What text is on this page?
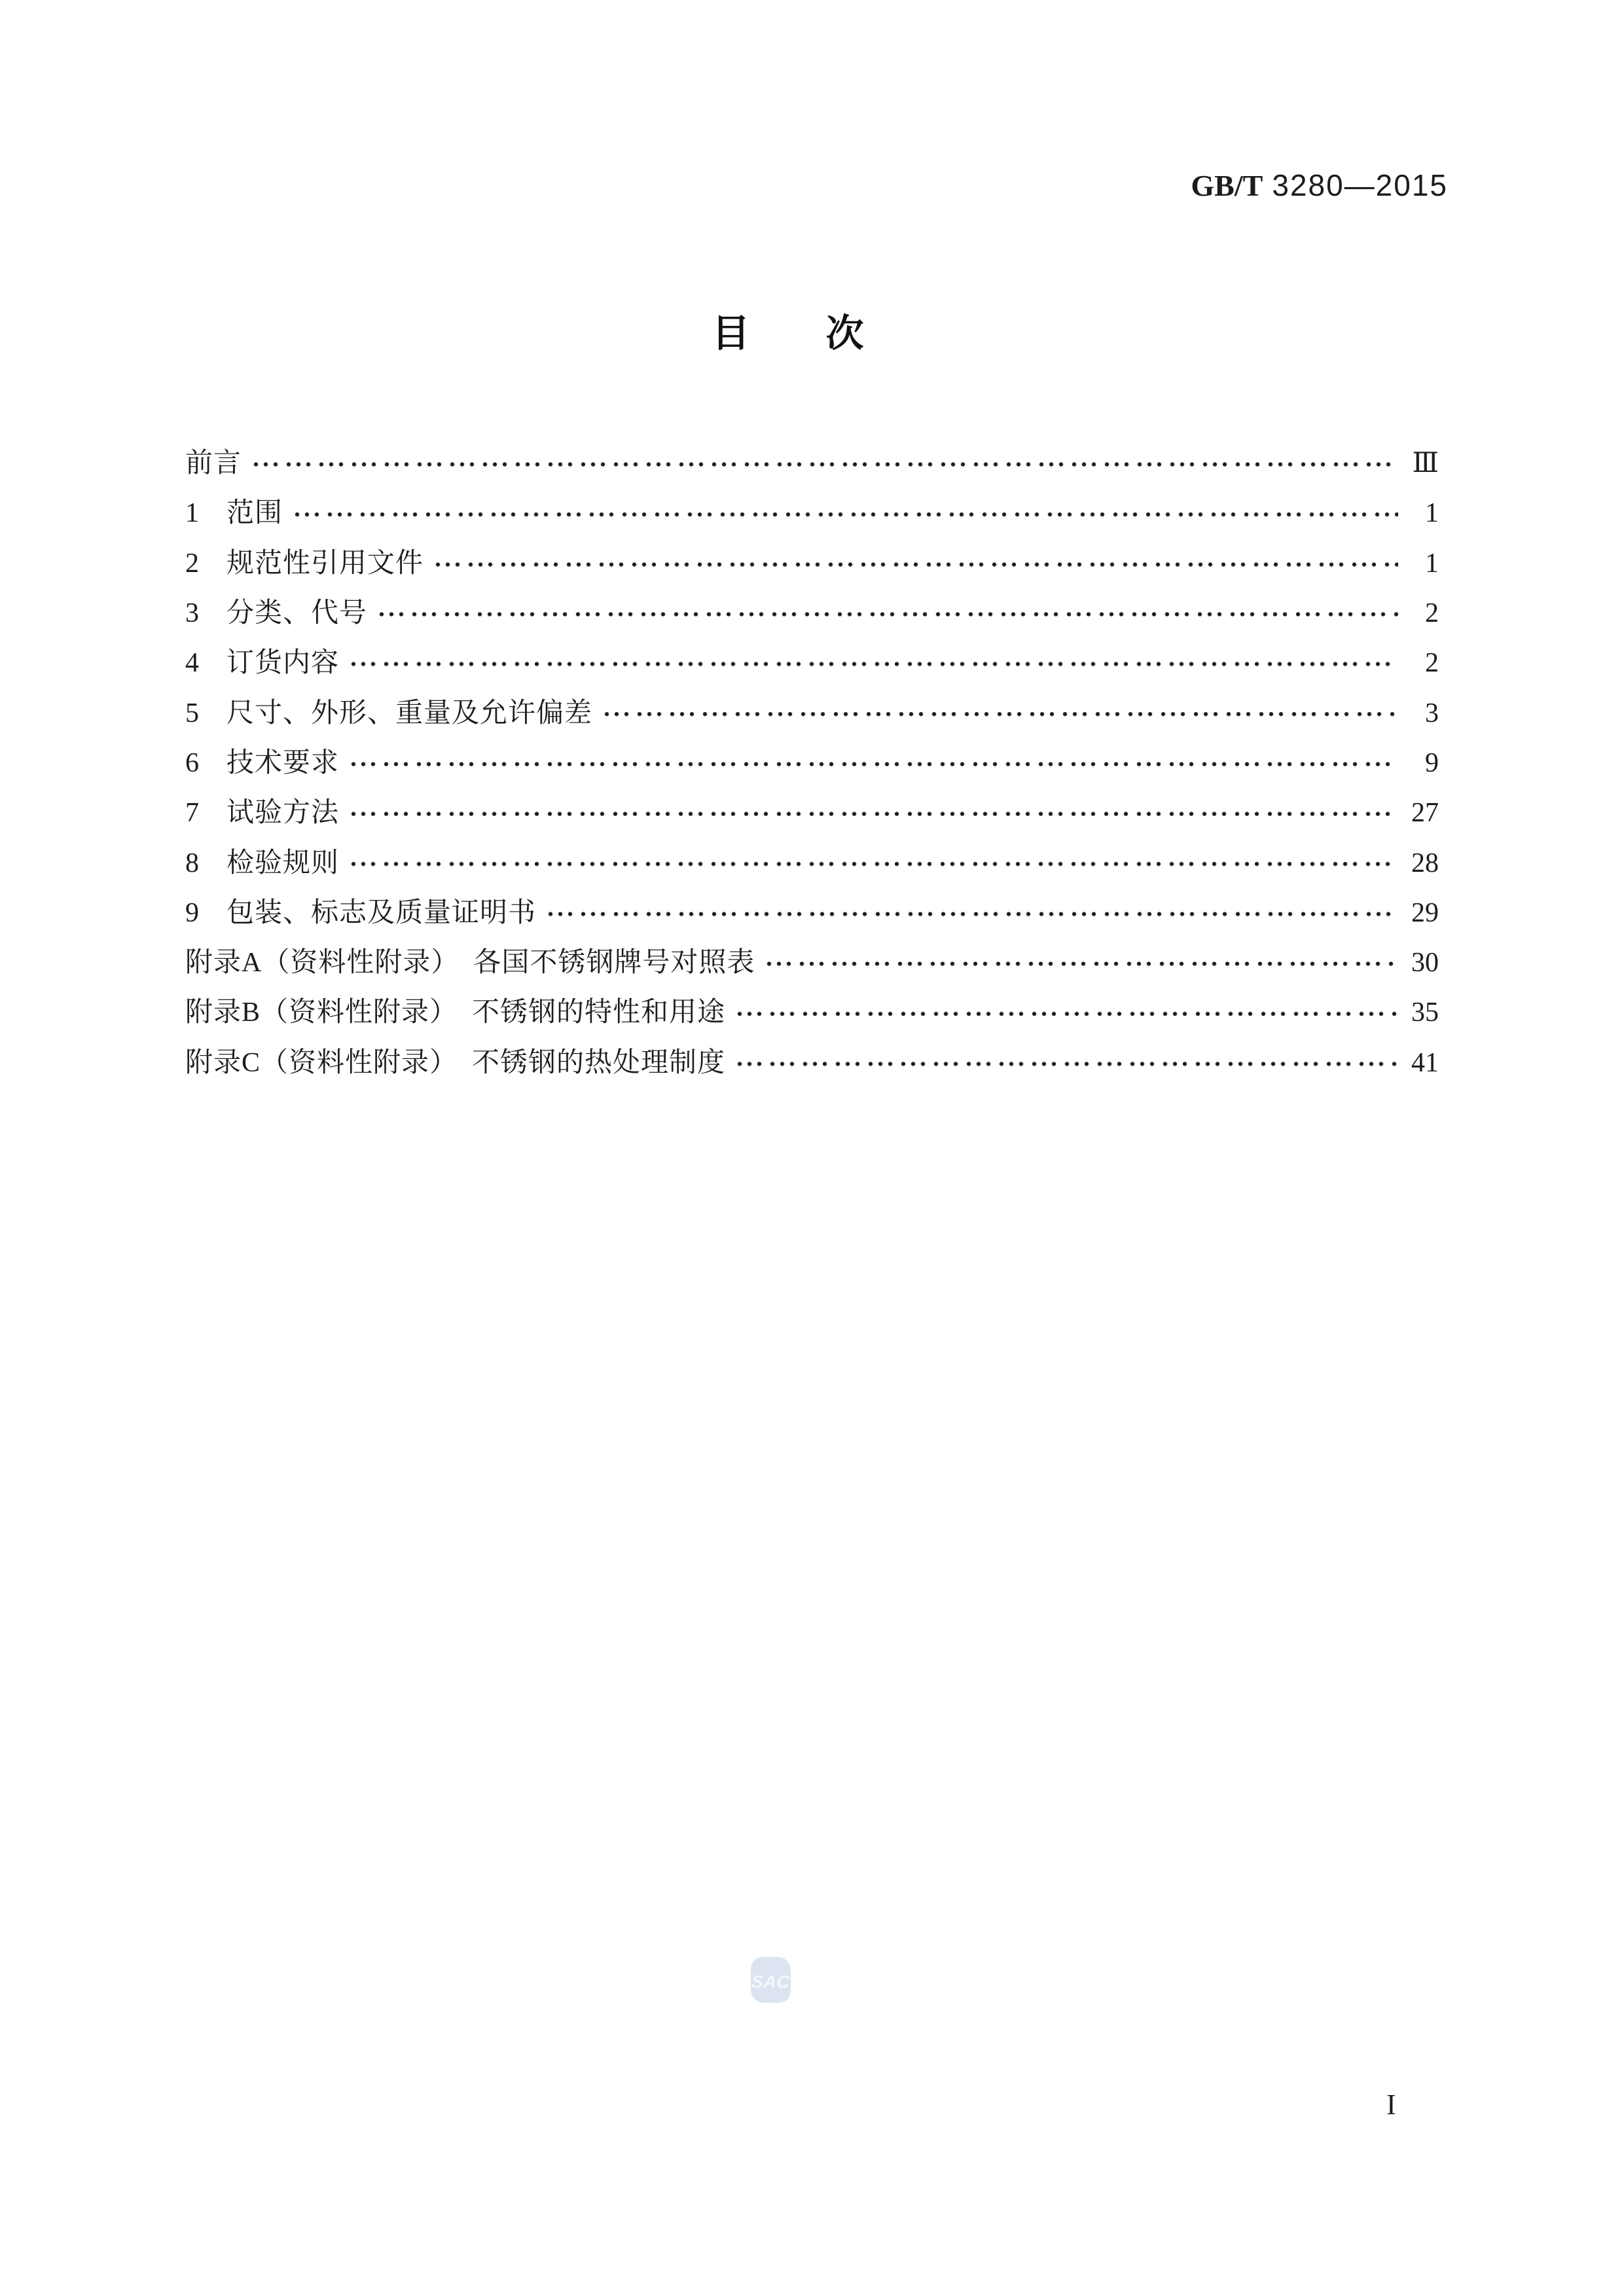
GB/T 3280—2015
目　　次
前言	Ⅲ
1	范围	1
2	规范性引用文件	1
3	分类、代号	2
4	订货内容	2
5	尺寸、外形、重量及允许偏差	3
6	技术要求	9
7	试验方法	27
8	检验规则	28
9	包装、标志及质量证明书	29
附录A（资料性附录）　各国不锈钢牌号对照表	30
附录B（资料性附录）　不锈钢的特性和用途	35
附录C（资料性附录）　不锈钢的热处理制度	41
SAC
I
